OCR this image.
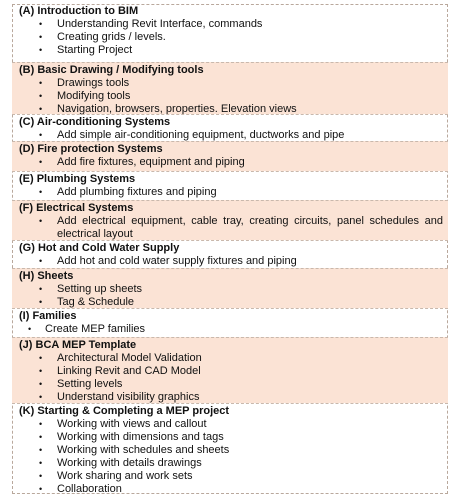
(A) Introduction to BIM
• Understanding Revit Interface, commands
• Creating grids / levels.
• Starting Project
(B) Basic Drawing / Modifying tools
• Drawings tools
• Modifying tools
• Navigation, browsers, properties. Elevation views
(C) Air-conditioning Systems
• Add simple air-conditioning equipment, ductworks and pipe
(D) Fire protection Systems
• Add fire fixtures, equipment and piping
(E) Plumbing Systems
• Add plumbing fixtures and piping
(F) Electrical Systems
• Add electrical equipment, cable tray, creating circuits, panel schedules and electrical layout
(G) Hot and Cold Water Supply
• Add hot and cold water supply fixtures and piping
(H) Sheets
• Setting up sheets
• Tag & Schedule
(I) Families
• Create MEP families
(J) BCA MEP Template
• Architectural Model Validation
• Linking Revit and CAD Model
• Setting levels
• Understand visibility graphics
(K) Starting & Completing a MEP project
• Working with views and callout
• Working with dimensions and tags
• Working with schedules and sheets
• Working with details drawings
• Work sharing and work sets
• Collaboration
